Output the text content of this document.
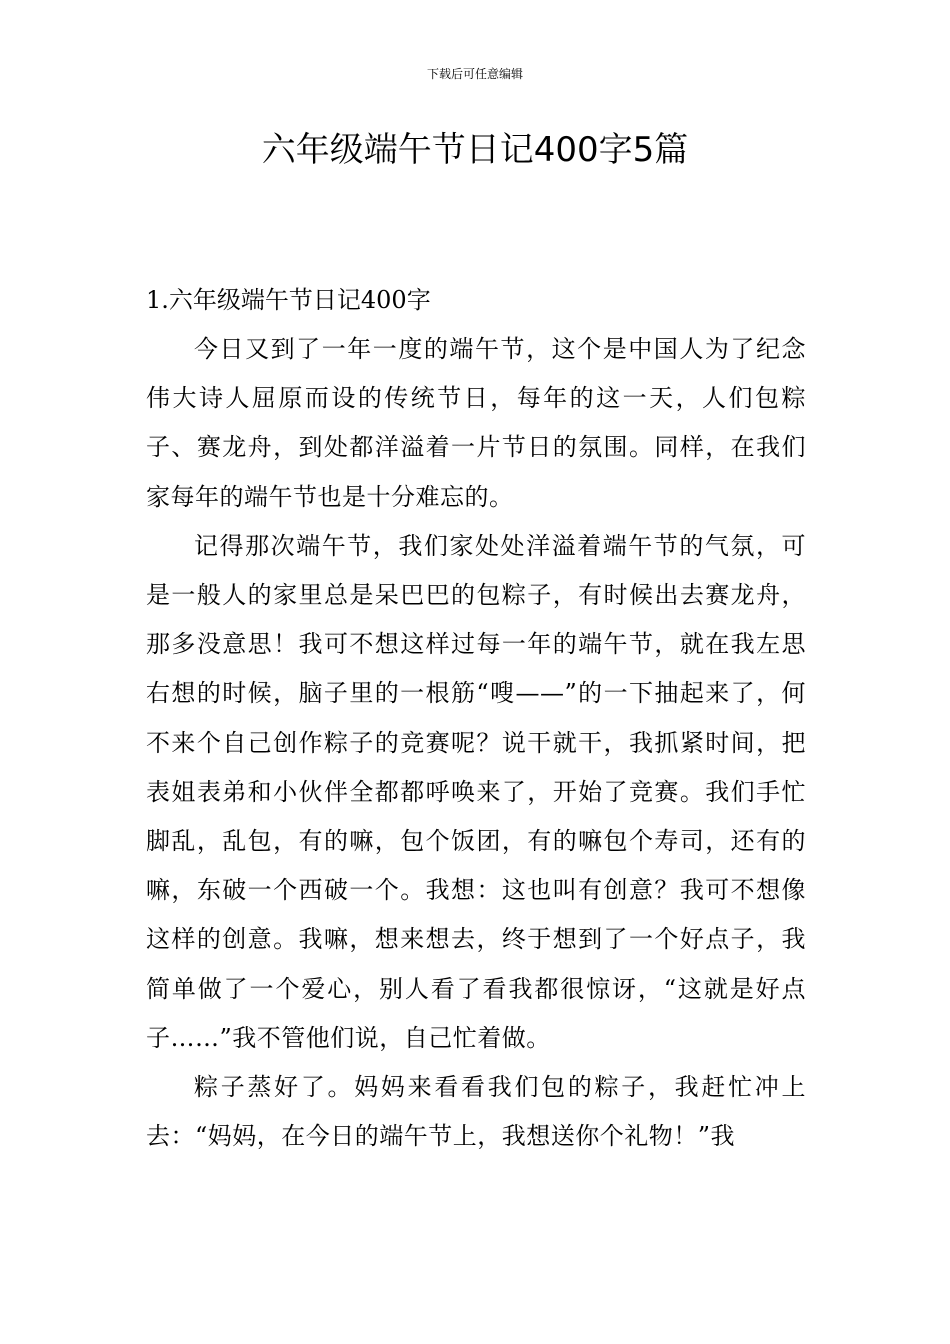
下载后可任意编辑
六年级端午节日记400字5篇

1.六年级端午节日记400字

今日又到了一年一度的端午节，这个是中国人为了纪念伟大诗人屈原而设的传统节日，每年的这一天，人们包粽子、赛龙舟，到处都洋溢着一片节日的氛围。同样，在我们家每年的端午节也是十分难忘的。

记得那次端午节，我们家处处洋溢着端午节的气氛，可是一般人的家里总是呆巴巴的包粽子，有时候出去赛龙舟，那多没意思！我可不想这样过每一年的端午节，就在我左思右想的时候，脑子里的一根筋“嗖——”的一下抽起来了，何不来个自己创作粽子的竞赛呢？说干就干，我抓紧时间，把表姐表弟和小伙伴全都都呼唤来了，开始了竞赛。我们手忙脚乱，乱包，有的嘛，包个饭团，有的嘛包个寿司，还有的嘛，东破一个西破一个。我想：这也叫有创意？我可不想像这样的创意。我嘛，想来想去，终于想到了一个好点子，我简单做了一个爱心，别人看了看我都很惊讶，“这就是好点子……”我不管他们说，自己忙着做。

粽子蒸好了。妈妈来看看我们包的粽子，我赶忙冲上去：“妈妈，在今日的端午节上，我想送你个礼物！”我
